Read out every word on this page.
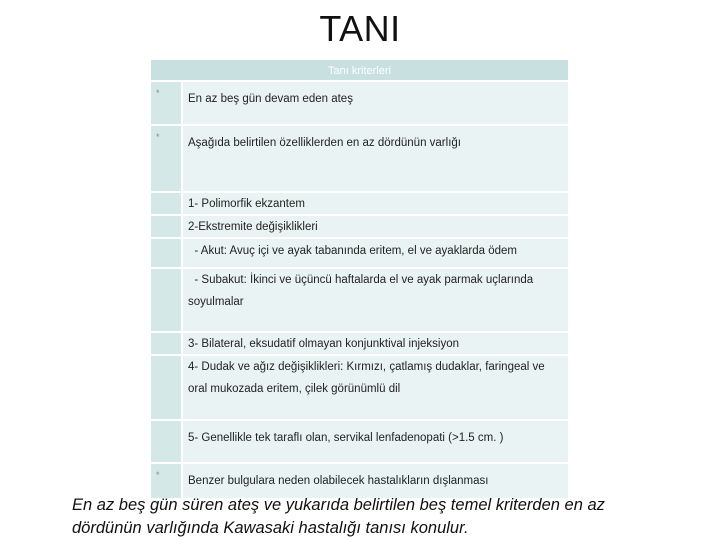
TANI
Tanı kriterleri
*	En az beş gün devam eden ateş
*	Aşağıda belirtilen özelliklerden en az dördünün varlığı
1- Polimorfik ekzantem
2-Ekstremite değişiklikleri
- Akut: Avuç içi ve ayak tabanında eritem, el ve ayaklarda ödem
- Subakut: İkinci ve üçüncü haftalarda el ve ayak parmak uçlarında soyulmalar
3- Bilateral, eksudatif olmayan konjunktival injeksiyon
4- Dudak ve ağız değişiklikleri: Kırmızı, çatlamış dudaklar, faringeal ve oral mukozada eritem, çilek görünümlü dil
5- Genellikle tek taraflı olan, servikal lenfadenopati (>1.5 cm. )
*	Benzer bulgulara neden olabilecek hastalıkların dışlanması
En az beş gün süren ateş ve yukarıda belirtilen beş temel kriterden en az dördünün varlığında Kawasaki hastalığı tanısı konulur.
